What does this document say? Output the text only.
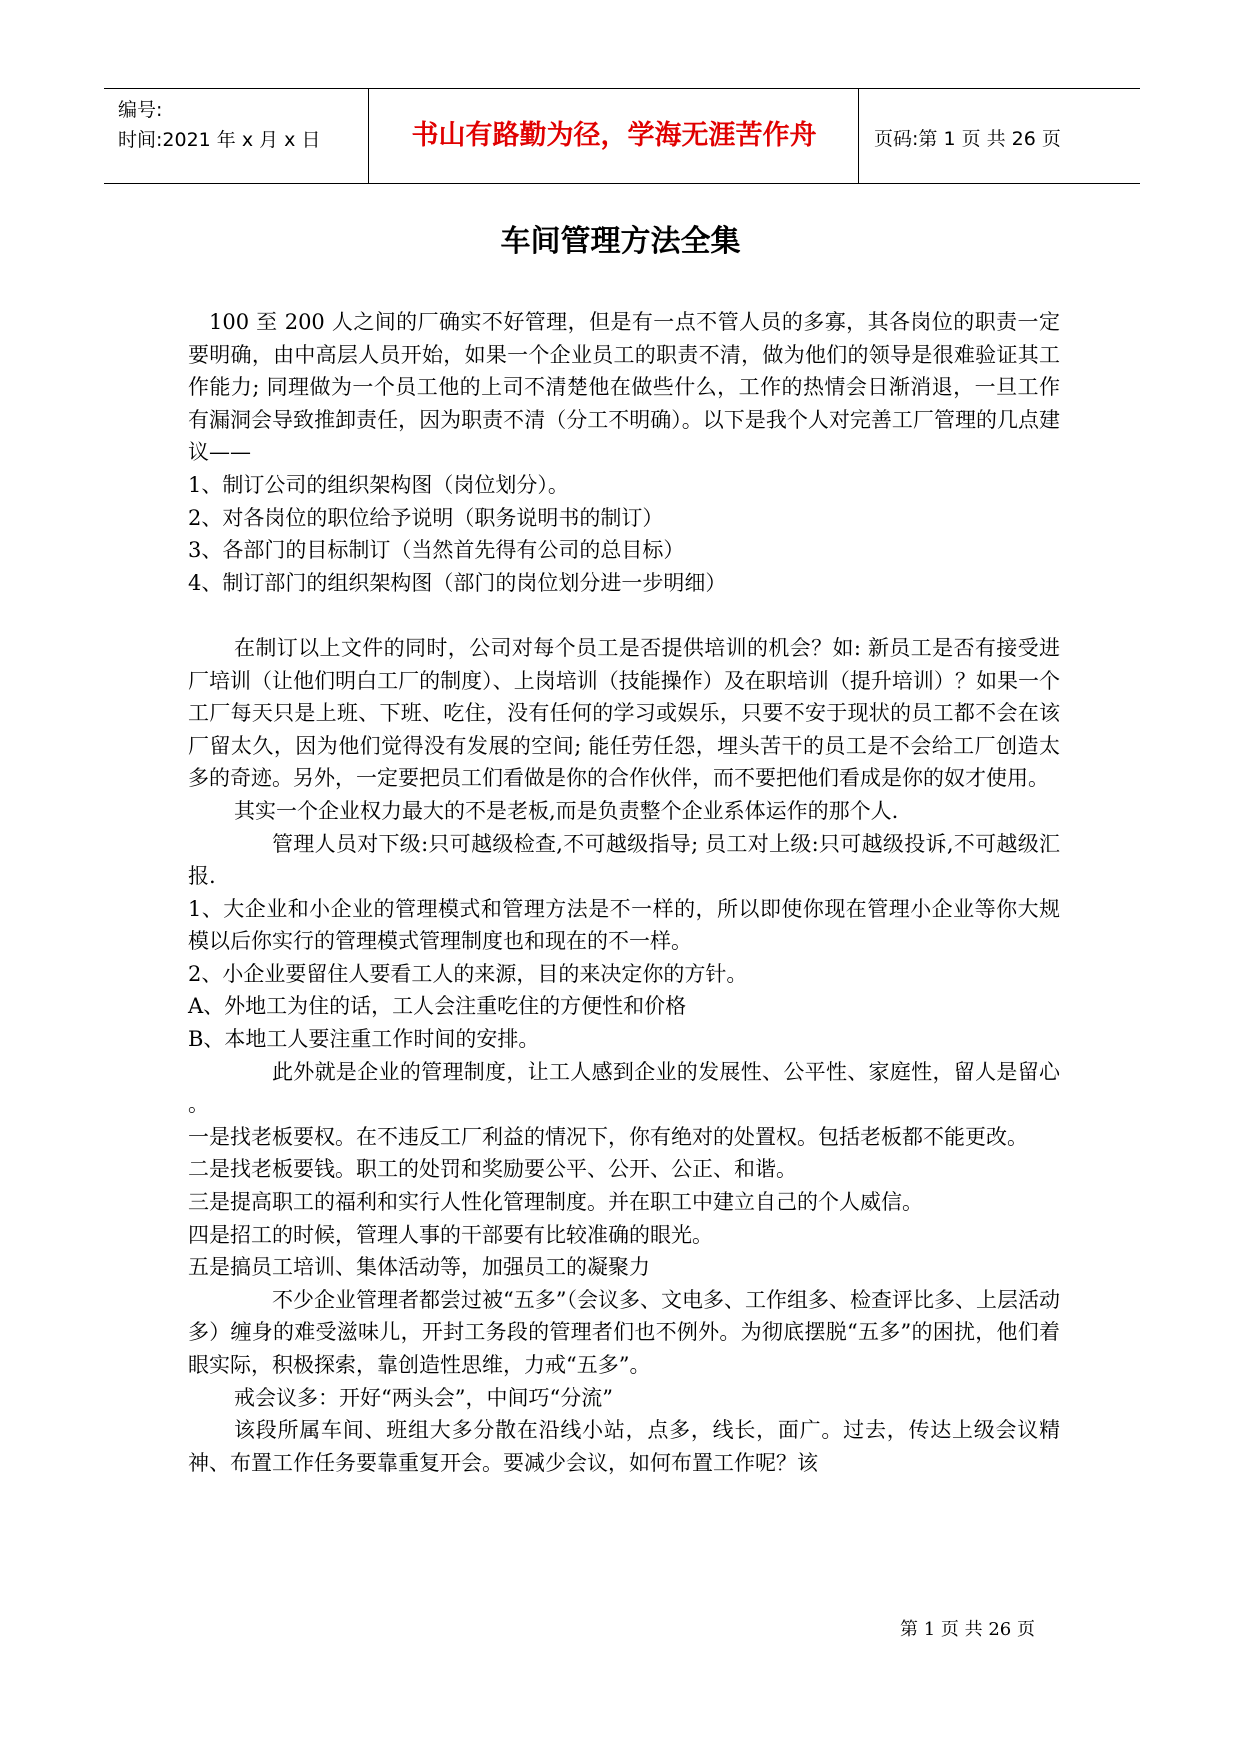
编号:
时间:2021 年 x 月 x 日	书山有路勤为径，学海无涯苦作舟	页码:第 1 页 共 26 页
车间管理方法全集

100 至 200 人之间的厂确实不好管理，但是有一点不管人员的多寡，其各岗位的职责一定要明确，由中高层人员开始，如果一个企业员工的职责不清，做为他们的领导是很难验证其工作能力; 同理做为一个员工他的上司不清楚他在做些什么，工作的热情会日渐消退，一旦工作有漏洞会导致推卸责任，因为职责不清（分工不明确）。以下是我个人对完善工厂管理的几点建议——

1、制订公司的组织架构图（岗位划分）。

2、对各岗位的职位给予说明（职务说明书的制订）

3、各部门的目标制订（当然首先得有公司的总目标）

4、制订部门的组织架构图（部门的岗位划分进一步明细）

在制订以上文件的同时，公司对每个员工是否提供培训的机会？如: 新员工是否有接受进厂培训（让他们明白工厂的制度）、上岗培训（技能操作）及在职培训（提升培训）？如果一个工厂每天只是上班、下班、吃住，没有任何的学习或娱乐，只要不安于现状的员工都不会在该厂留太久，因为他们觉得没有发展的空间; 能任劳任怨，埋头苦干的员工是不会给工厂创造太多的奇迹。另外，一定要把员工们看做是你的合作伙伴，而不要把他们看成是你的奴才使用。

其实一个企业权力最大的不是老板,而是负责整个企业系体运作的那个人.

管理人员对下级:只可越级检查,不可越级指导; 员工对上级:只可越级投诉,不可越级汇报.

1、大企业和小企业的管理模式和管理方法是不一样的，所以即使你现在管理小企业等你大规模以后你实行的管理模式管理制度也和现在的不一样。

2、小企业要留住人要看工人的来源，目的来决定你的方针。

A、外地工为住的话，工人会注重吃住的方便性和价格

B、本地工人要注重工作时间的安排。

此外就是企业的管理制度，让工人感到企业的发展性、公平性、家庭性，留人是留心 。

一是找老板要权。在不违反工厂利益的情况下，你有绝对的处置权。包括老板都不能更改。

二是找老板要钱。职工的处罚和奖励要公平、公开、公正、和谐。

三是提高职工的福利和实行人性化管理制度。并在职工中建立自己的个人威信。

四是招工的时候，管理人事的干部要有比较准确的眼光。

五是搞员工培训、集体活动等，加强员工的凝聚力

不少企业管理者都尝过被“五多”（会议多、文电多、工作组多、检查评比多、上层活动多）缠身的难受滋味儿，开封工务段的管理者们也不例外。为彻底摆脱“五多”的困扰，他们着眼实际，积极探索，靠创造性思维，力戒“五多”。

戒会议多：开好“两头会”，中间巧“分流”

该段所属车间、班组大多分散在沿线小站，点多，线长，面广。过去，传达上级会议精神、布置工作任务要靠重复开会。要减少会议，如何布置工作呢？该

第 1 页 共 26 页
